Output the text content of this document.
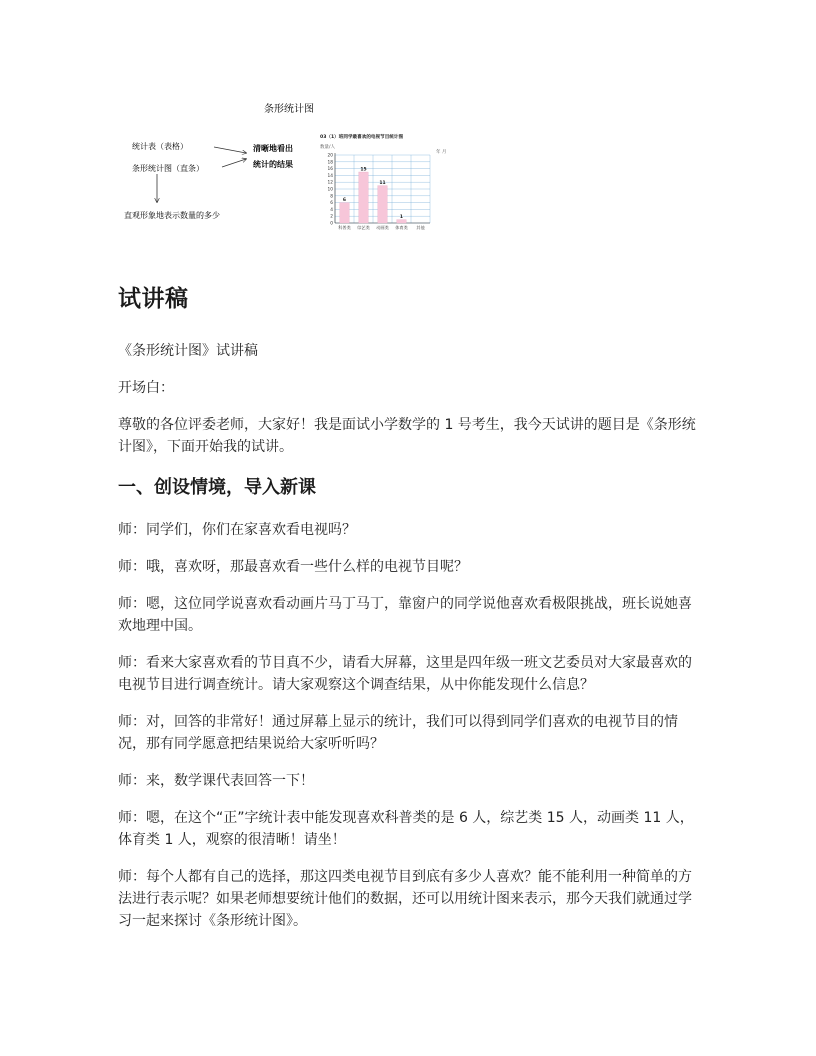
条形统计图
统计表（表格）
条形统计图（直条）
清晰地看出
统计的结果
直观形象地表示数量的多少
03（1）班同学最喜欢的电视节目统计图
年 月
数量/人
0
2
4
6
8
10
12
14
16
18
20
6
科普类
15
综艺类
11
动画类
1
体育类 其他
试讲稿

《条形统计图》试讲稿

开场白：

尊敬的各位评委老师，大家好！我是面试小学数学的 1 号考生，我今天试讲的题目是《条形统计图》，下面开始我的试讲。

一、创设情境，导入新课

师：同学们，你们在家喜欢看电视吗？

师：哦，喜欢呀，那最喜欢看一些什么样的电视节目呢？

师：嗯，这位同学说喜欢看动画片马丁马丁，靠窗户的同学说他喜欢看极限挑战，班长说她喜欢地理中国。

师：看来大家喜欢看的节目真不少，请看大屏幕，这里是四年级一班文艺委员对大家最喜欢的电视节目进行调查统计。请大家观察这个调查结果，从中你能发现什么信息？

师：对，回答的非常好！通过屏幕上显示的统计，我们可以得到同学们喜欢的电视节目的情况，那有同学愿意把结果说给大家听听吗？

师：来，数学课代表回答一下！

师：嗯，在这个“正”字统计表中能发现喜欢科普类的是 6 人，综艺类 15 人，动画类 11 人，体育类 1 人，观察的很清晰！请坐！

师：每个人都有自己的选择，那这四类电视节目到底有多少人喜欢？能不能利用一种简单的方法进行表示呢？如果老师想要统计他们的数据，还可以用统计图来表示，那今天我们就通过学习一起来探讨《条形统计图》。
